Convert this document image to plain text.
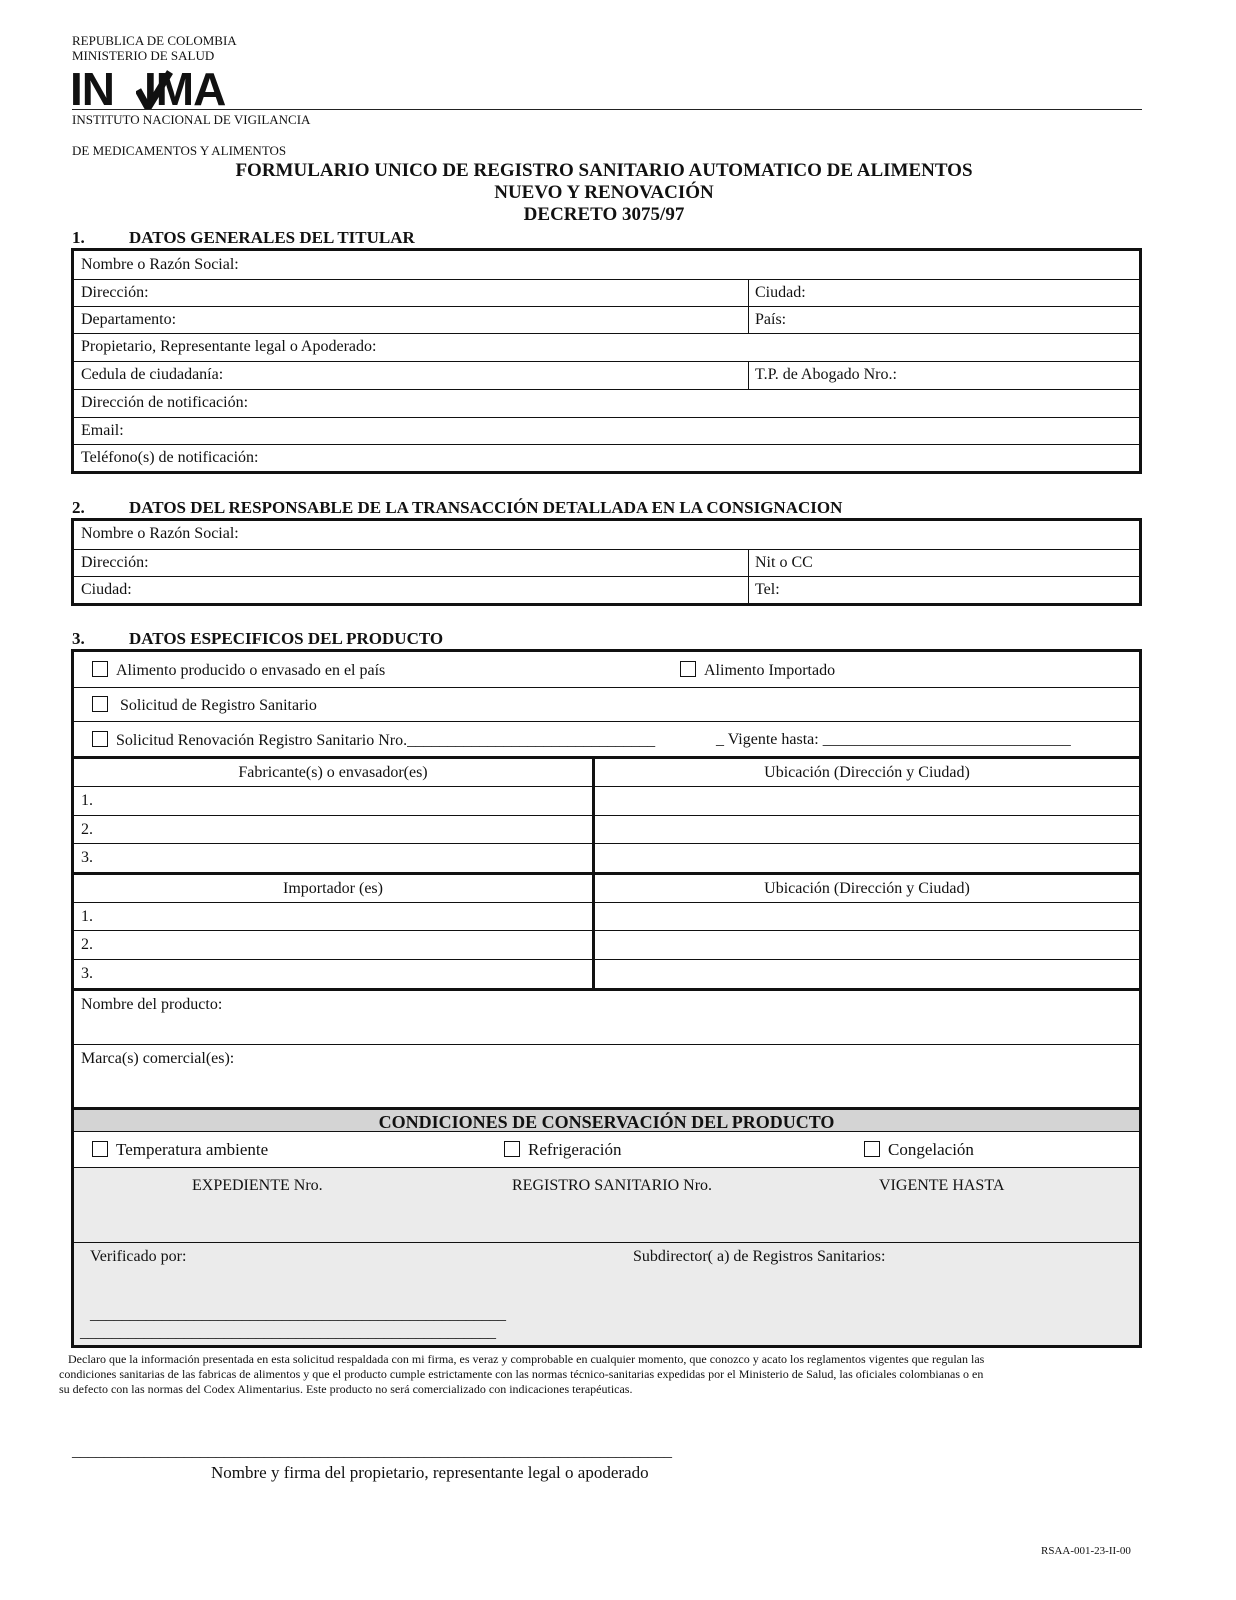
REPUBLICA DE COLOMBIA
MINISTERIO DE SALUD
IN IMA
INSTITUTO NACIONAL DE VIGILANCIA
DE MEDICAMENTOS Y ALIMENTOS
FORMULARIO UNICO DE REGISTRO SANITARIO AUTOMATICO DE ALIMENTOS
NUEVO Y RENOVACIÓN
DECRETO 3075/97
1.	DATOS GENERALES DEL TITULAR
Nombre o Razón Social:
Dirección:	Ciudad:
Departamento:	País:
Propietario, Representante legal o Apoderado:
Cedula de ciudadanía:	T.P. de Abogado Nro.:
Dirección de notificación:
Email:
Teléfono(s) de notificación:
2.	DATOS DEL RESPONSABLE DE LA TRANSACCIÓN DETALLADA EN LA CONSIGNACION
Nombre o Razón Social:
Dirección:	Nit o CC
Ciudad:	Tel:
3.	DATOS ESPECIFICOS DEL PRODUCTO
Alimento producido o envasado en el país	Alimento Importado
Solicitud de Registro Sanitario
Solicitud Renovación Registro Sanitario Nro._______________________________	_ Vigente hasta: _______________________________
Fabricante(s) o envasador(es)	Ubicación (Dirección y Ciudad)
1.
2.
3.
Importador (es)	Ubicación (Dirección y Ciudad)
1.
2.
3.
Nombre del producto:
Marca(s) comercial(es):
CONDICIONES DE CONSERVACIÓN DEL PRODUCTO
Temperatura ambiente	Refrigeración	Congelación
EXPEDIENTE Nro.	REGISTRO SANITARIO Nro.	VIGENTE HASTA
Verificado por:	Subdirector( a) de Registros Sanitarios:
____________________________________________________
____________________________________________________
Declaro que la información presentada en esta solicitud respaldada con mi firma, es veraz y comprobable en cualquier momento, que conozco y acato los reglamentos vigentes que regulan las
condiciones sanitarias de las fabricas de alimentos y que el producto cumple estrictamente con las normas técnico-sanitarias expedidas por el Ministerio de Salud, las oficiales colombianas o en
su defecto con las normas del Codex Alimentarius. Este producto no será comercializado con indicaciones terapéuticas.
___________________________________________________________________________
Nombre y firma del propietario, representante legal o apoderado
RSAA-001-23-II-00
